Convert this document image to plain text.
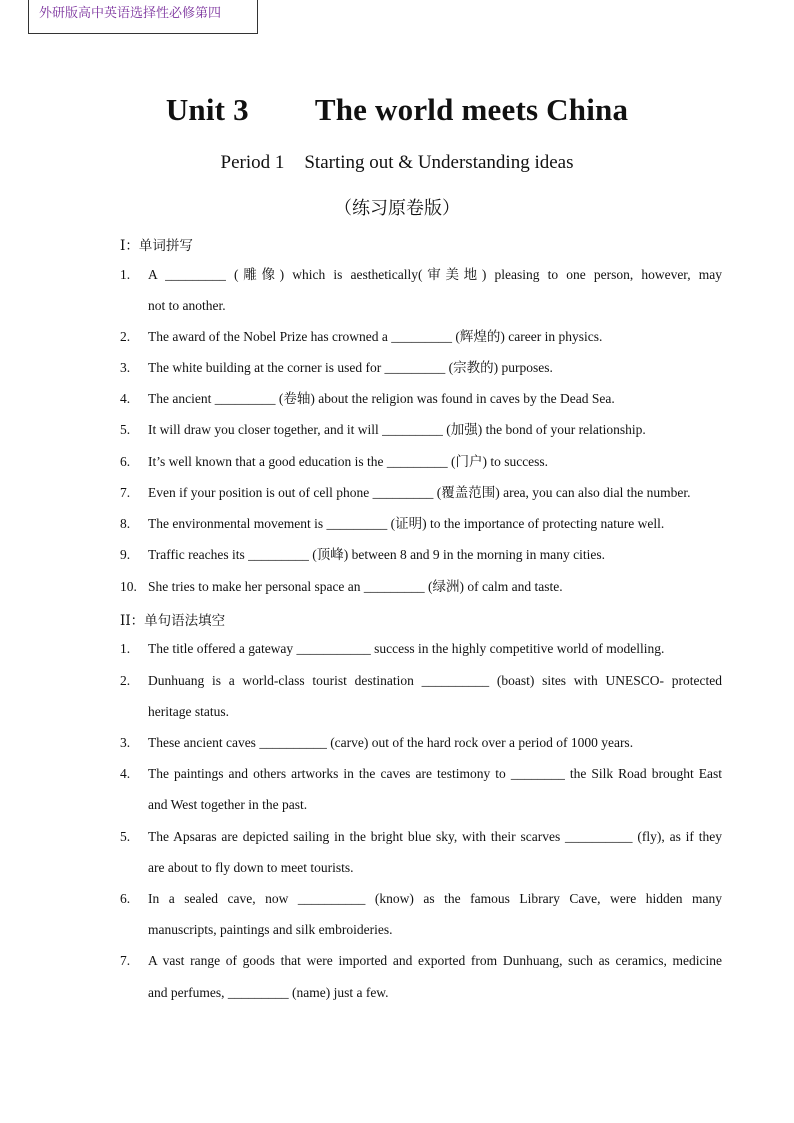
外研版高中英语选择性必修第四
Unit 3 The world meets China
Period 1 Starting out & Understanding ideas
（练习原卷版）
I：单词拼写
1. A _________ (雕像) which is aesthetically(审美地) pleasing to one person, however, may
not to another.
2. The award of the Nobel Prize has crowned a _________ (辉煌的) career in physics.
3. The white building at the corner is used for _________ (宗教的) purposes.
4. The ancient _________ (卷轴) about the religion was found in caves by the Dead Sea.
5. It will draw you closer together, and it will _________ (加强) the bond of your relationship.
6. It’s well known that a good education is the _________ (门户) to success.
7. Even if your position is out of cell phone _________ (覆盖范围) area, you can also dial the number.
8. The environmental movement is _________ (证明) to the importance of protecting nature well.
9. Traffic reaches its _________ (顶峰) between 8 and 9 in the morning in many cities.
10. She tries to make her personal space an _________ (绿洲) of calm and taste.
II：单句语法填空
1. The title offered a gateway ___________ success in the highly competitive world of modelling.
2. Dunhuang is a world-class tourist destination __________ (boast) sites with UNESCO- protected
heritage status.
3. These ancient caves __________ (carve) out of the hard rock over a period of 1000 years.
4. The paintings and others artworks in the caves are testimony to ________ the Silk Road brought East
and West together in the past.
5. The Apsaras are depicted sailing in the bright blue sky, with their scarves __________ (fly), as if they
are about to fly down to meet tourists.
6. In a sealed cave, now __________ (know) as the famous Library Cave, were hidden many
manuscripts, paintings and silk embroideries.
7. A vast range of goods that were imported and exported from Dunhuang, such as ceramics, medicine
and perfumes, _________ (name) just a few.
